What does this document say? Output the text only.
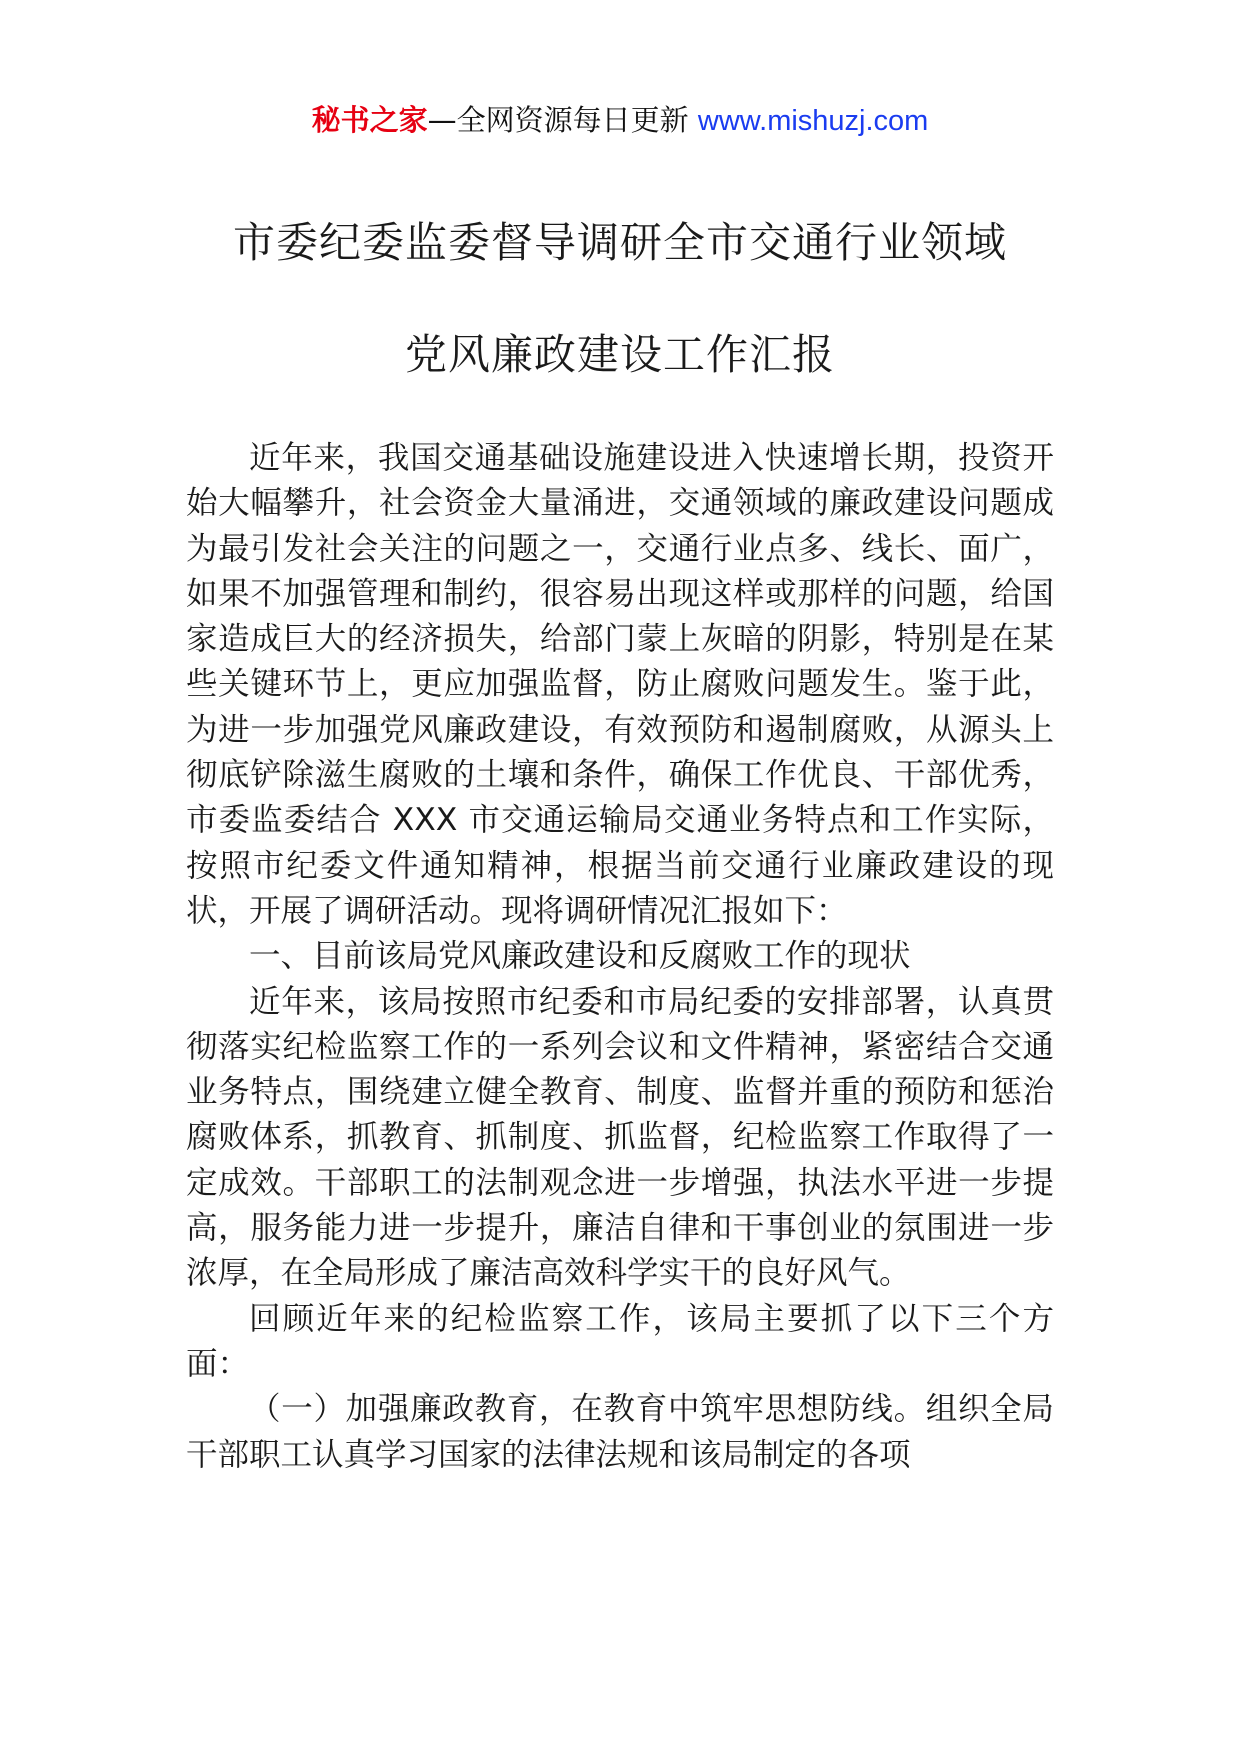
秘书之家—全网资源每日更新 www.mishuzj.com
市委纪委监委督导调研全市交通行业领域
党风廉政建设工作汇报

近年来，我国交通基础设施建设进入快速增长期，投资开始大幅攀升，社会资金大量涌进，交通领域的廉政建设问题成为最引发社会关注的问题之一，交通行业点多、线长、面广，如果不加强管理和制约，很容易出现这样或那样的问题，给国家造成巨大的经济损失，给部门蒙上灰暗的阴影，特别是在某些关键环节上，更应加强监督，防止腐败问题发生。鉴于此，为进一步加强党风廉政建设，有效预防和遏制腐败，从源头上彻底铲除滋生腐败的土壤和条件，确保工作优良、干部优秀，市委监委结合 XXX 市交通运输局交通业务特点和工作实际，按照市纪委文件通知精神，根据当前交通行业廉政建设的现状，开展了调研活动。现将调研情况汇报如下：

一、目前该局党风廉政建设和反腐败工作的现状

近年来，该局按照市纪委和市局纪委的安排部署，认真贯彻落实纪检监察工作的一系列会议和文件精神，紧密结合交通业务特点，围绕建立健全教育、制度、监督并重的预防和惩治腐败体系，抓教育、抓制度、抓监督，纪检监察工作取得了一定成效。干部职工的法制观念进一步增强，执法水平进一步提高，服务能力进一步提升，廉洁自律和干事创业的氛围进一步浓厚，在全局形成了廉洁高效科学实干的良好风气。

回顾近年来的纪检监察工作，该局主要抓了以下三个方面：

（一）加强廉政教育，在教育中筑牢思想防线。组织全局干部职工认真学习国家的法律法规和该局制定的各项
